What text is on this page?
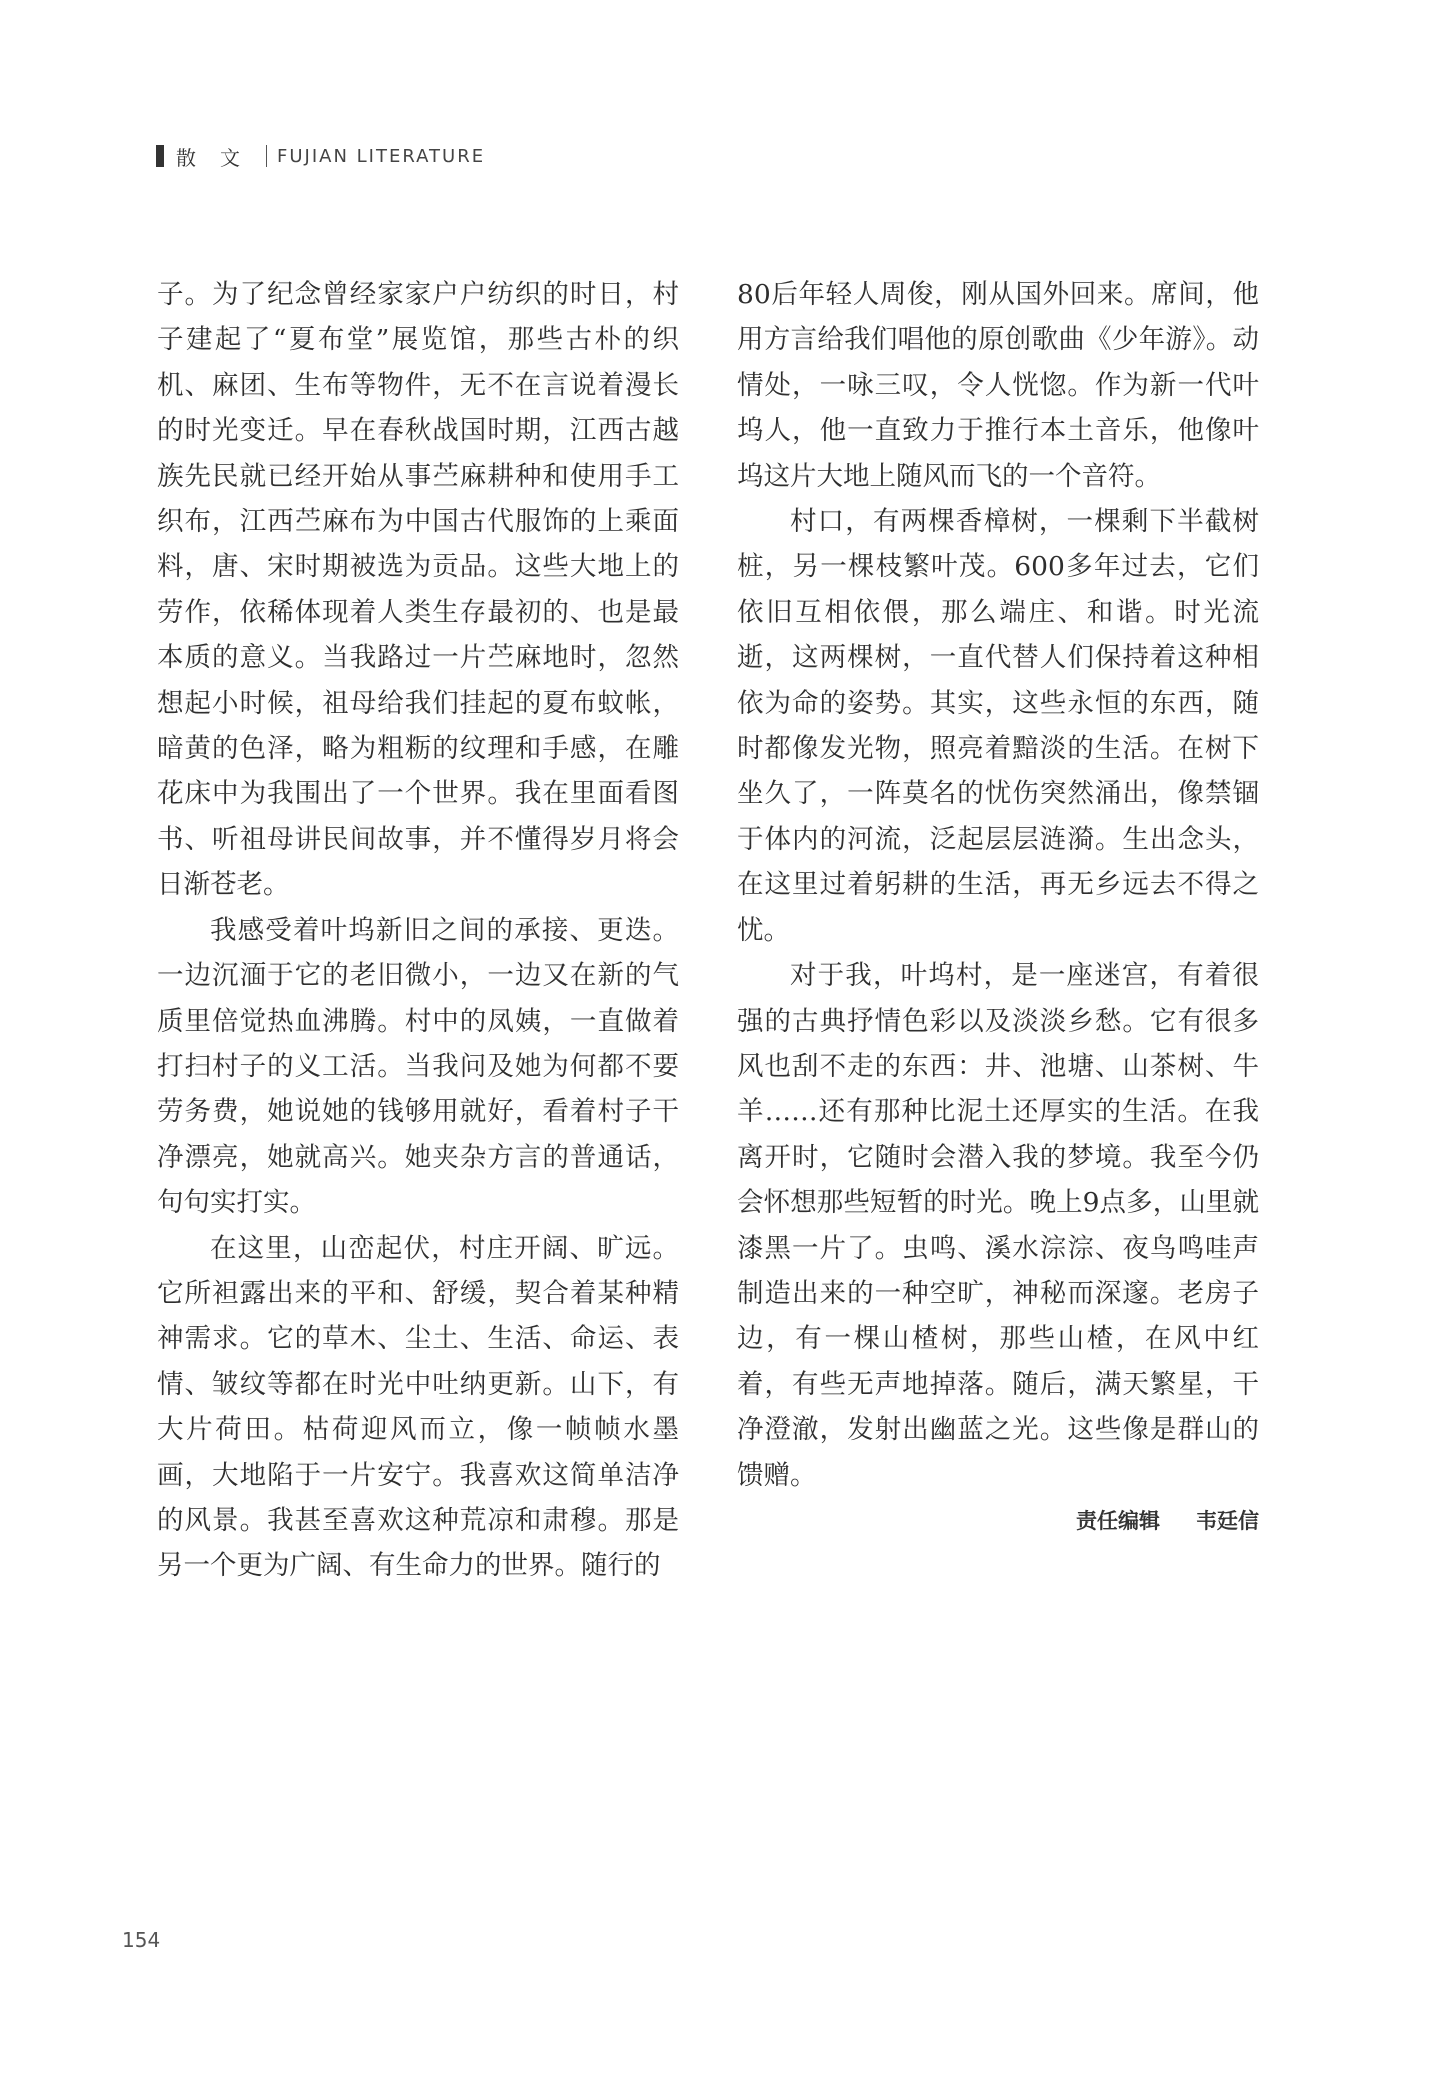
散文 FUJIAN LITERATURE

子。为了纪念曾经家家户户纺织的时日，村子建起了“夏布堂”展览馆，那些古朴的织机、麻团、生布等物件，无不在言说着漫长的时光变迁。早在春秋战国时期，江西古越族先民就已经开始从事苎麻耕种和使用手工织布，江西苎麻布为中国古代服饰的上乘面料，唐、宋时期被选为贡品。这些大地上的劳作，依稀体现着人类生存最初的、也是最本质的意义。当我路过一片苎麻地时，忽然想起小时候，祖母给我们挂起的夏布蚊帐，暗黄的色泽，略为粗粝的纹理和手感，在雕花床中为我围出了一个世界。我在里面看图书、听祖母讲民间故事，并不懂得岁月将会日渐苍老。

我感受着叶坞新旧之间的承接、更迭。一边沉湎于它的老旧微小，一边又在新的气质里倍觉热血沸腾。村中的凤姨，一直做着打扫村子的义工活。当我问及她为何都不要劳务费，她说她的钱够用就好，看着村子干净漂亮，她就高兴。她夹杂方言的普通话，句句实打实。

在这里，山峦起伏，村庄开阔、旷远。它所袒露出来的平和、舒缓，契合着某种精神需求。它的草木、尘土、生活、命运、表情、皱纹等都在时光中吐纳更新。山下，有大片荷田。枯荷迎风而立，像一帧帧水墨画，大地陷于一片安宁。我喜欢这简单洁净的风景。我甚至喜欢这种荒凉和肃穆。那是另一个更为广阔、有生命力的世界。随行的

80后年轻人周俊，刚从国外回来。席间，他用方言给我们唱他的原创歌曲《少年游》。动情处，一咏三叹，令人恍惚。作为新一代叶坞人，他一直致力于推行本土音乐，他像叶坞这片大地上随风而飞的一个音符。

村口，有两棵香樟树，一棵剩下半截树桩，另一棵枝繁叶茂。600多年过去，它们依旧互相依偎，那么端庄、和谐。时光流逝，这两棵树，一直代替人们保持着这种相依为命的姿势。其实，这些永恒的东西，随时都像发光物，照亮着黯淡的生活。在树下坐久了，一阵莫名的忧伤突然涌出，像禁锢于体内的河流，泛起层层涟漪。生出念头，在这里过着躬耕的生活，再无乡远去不得之忧。

对于我，叶坞村，是一座迷宫，有着很强的古典抒情色彩以及淡淡乡愁。它有很多风也刮不走的东西：井、池塘、山茶树、牛羊……还有那种比泥土还厚实的生活。在我离开时，它随时会潜入我的梦境。我至今仍会怀想那些短暂的时光。晚上9点多，山里就漆黑一片了。虫鸣、溪水淙淙、夜鸟鸣哇声制造出来的一种空旷，神秘而深邃。老房子边，有一棵山楂树，那些山楂，在风中红着，有些无声地掉落。随后，满天繁星，干净澄澈，发射出幽蓝之光。这些像是群山的馈赠。

责任编辑 韦廷信
154
